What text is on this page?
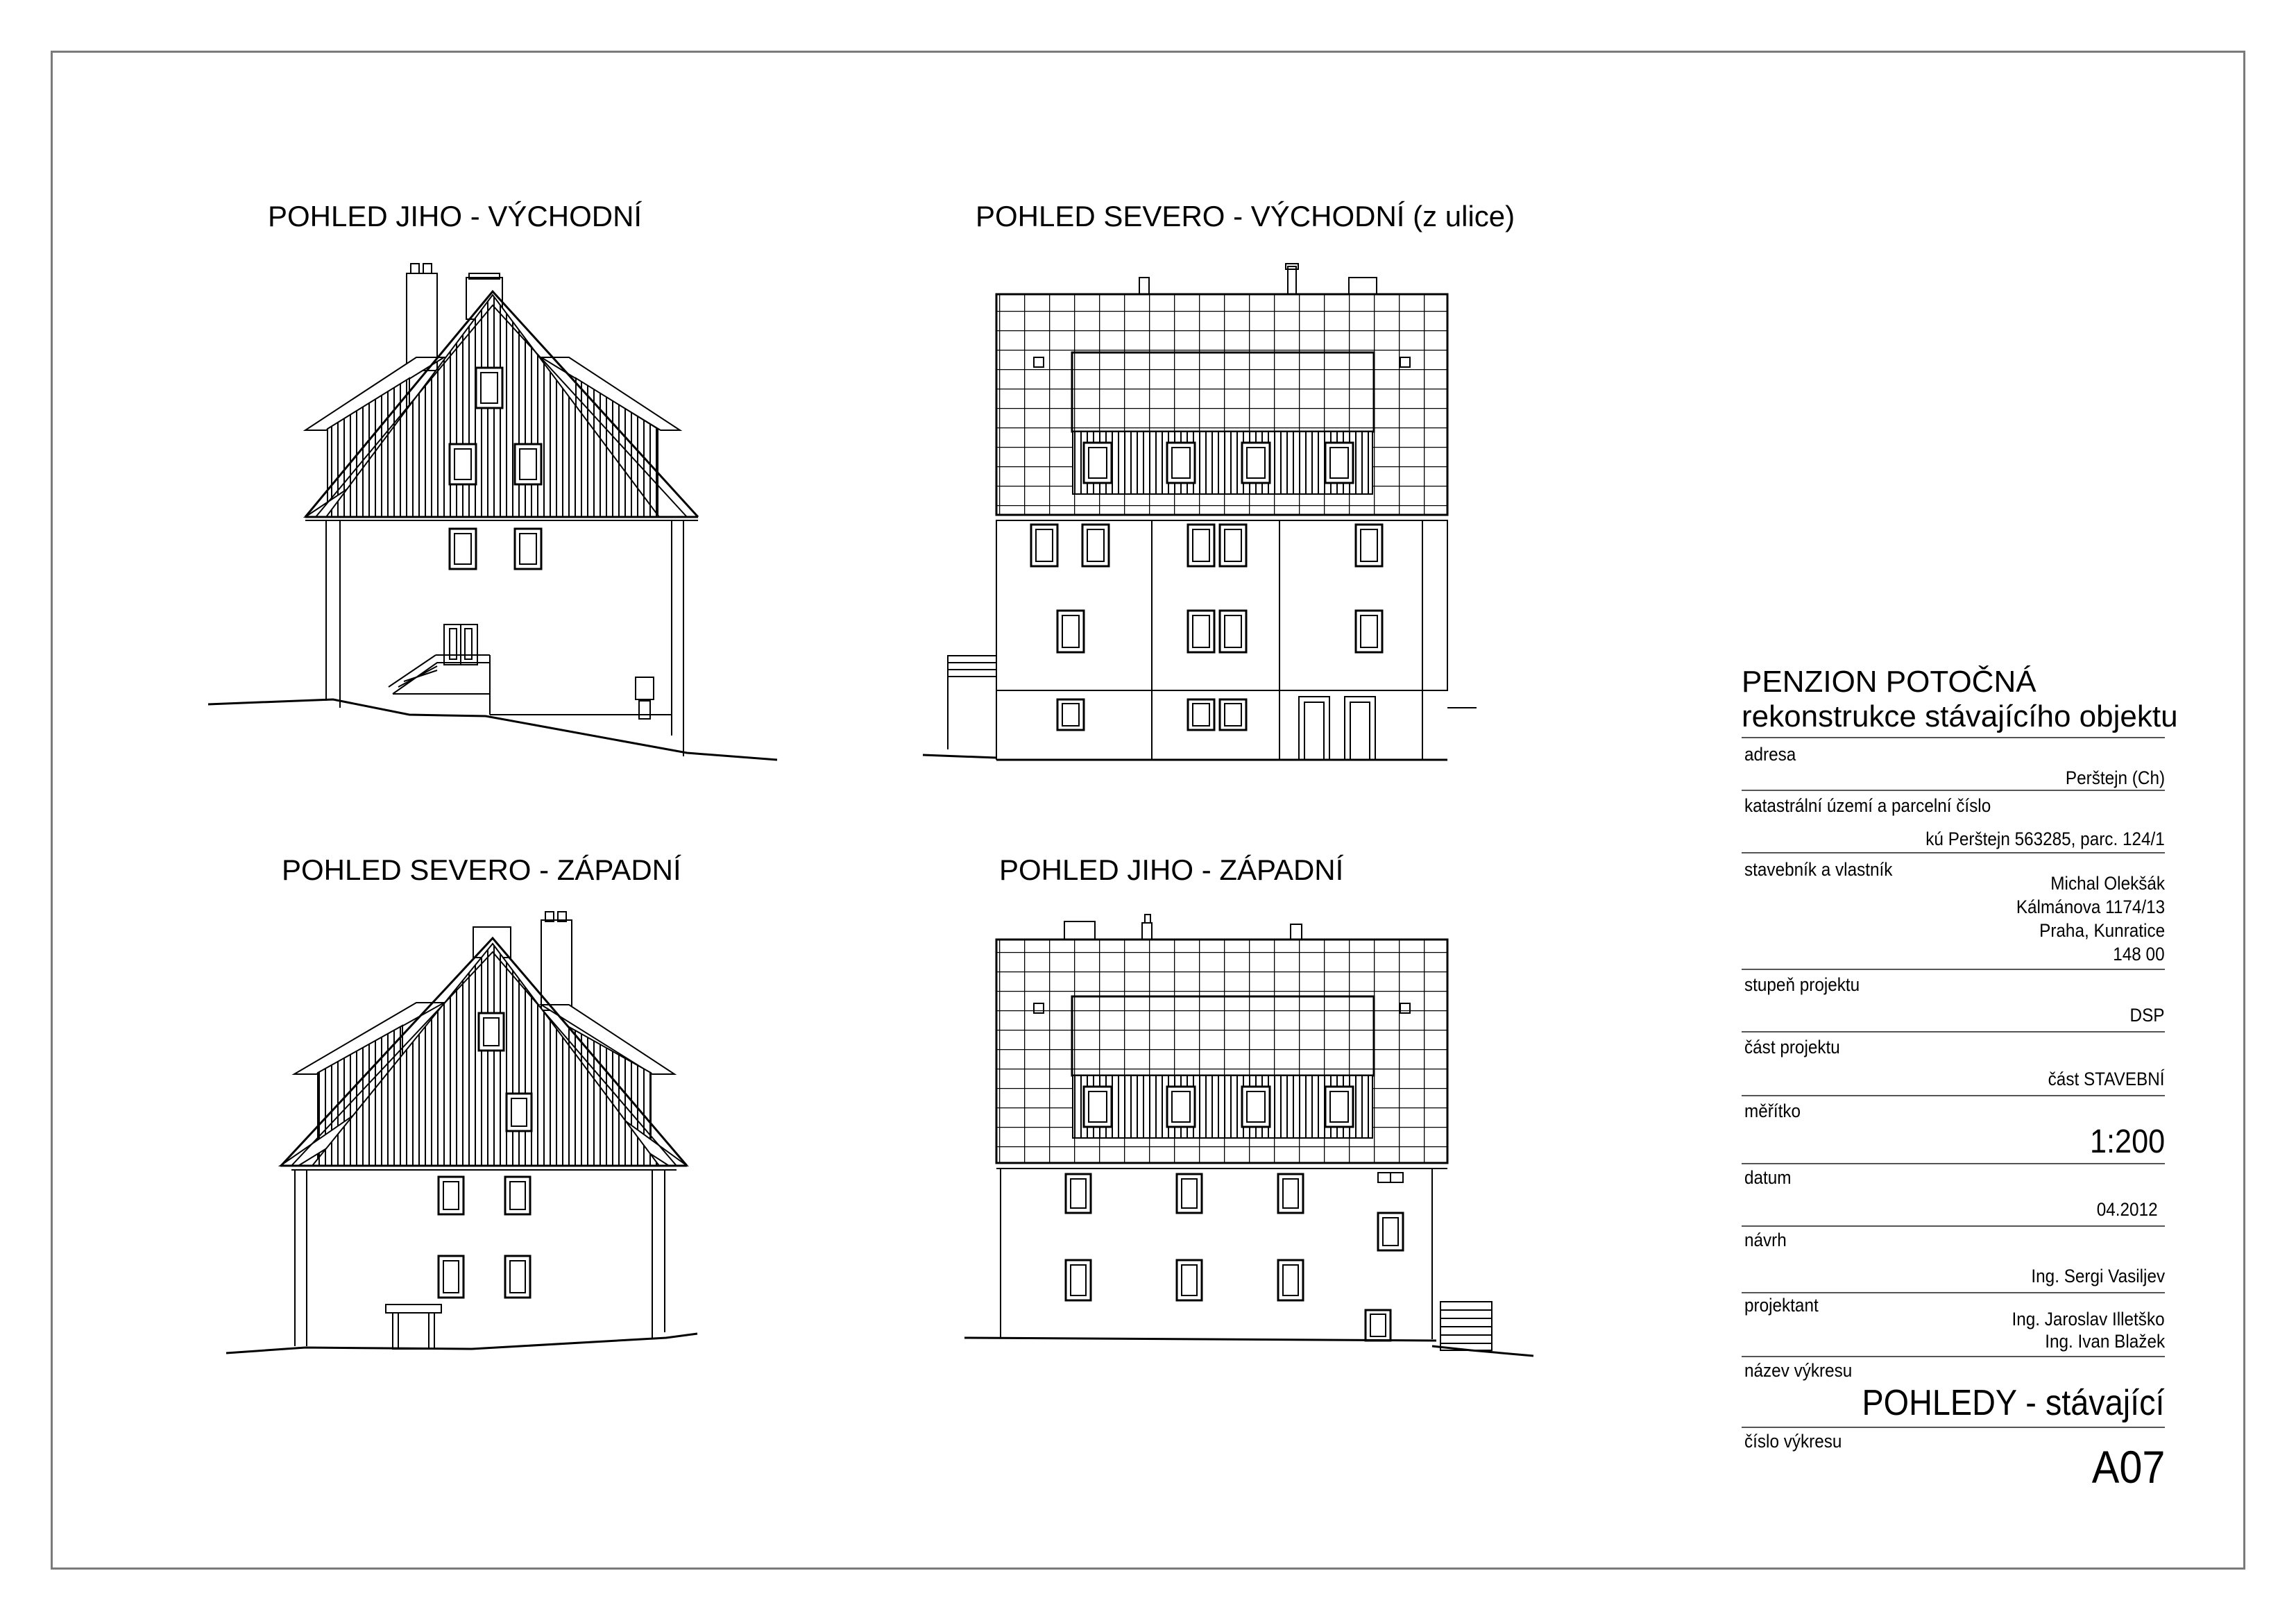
POHLED JIHO - VÝCHODNÍ	POHLED SEVERO - VÝCHODNÍ (z ulice)
POHLED SEVERO - ZÁPADNÍ	POHLED JIHO - ZÁPADNÍ
PENZION POTOČNÁ
rekonstrukce stávajícího objektu
adresa
Perštejn (Ch)
katastrální území a parcelní číslo
kú Perštejn 563285, parc. 124/1
stavebník a vlastník
Michal Olekšák
Kálmánova 1174/13
Praha, Kunratice
148 00
stupeň projektu
DSP
část projektu
část STAVEBNÍ
měřítko
1:200
datum
04.2012
návrh
Ing. Sergi Vasiljev
projektant
Ing. Jaroslav Illetško
Ing. Ivan Blažek
název výkresu
POHLEDY - stávající
číslo výkresu	A07
